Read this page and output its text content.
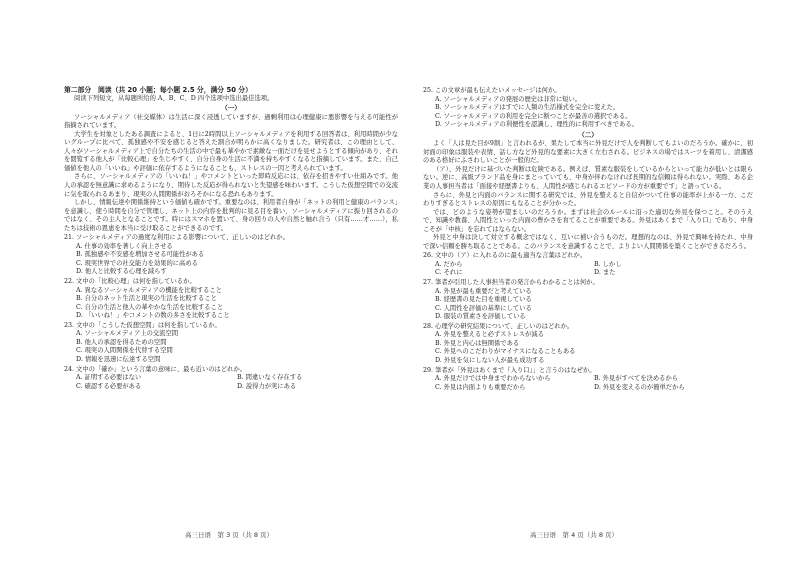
第二部分　阅读（共 20 小题；每小题 2.5 分，满分 50 分）
阅读下列短文，从每题所给的 A、B、C、D 四个选项中选出最佳选项。
（一）
ソーシャルメディア（社交媒体）は生活に深く浸透していますが、過剰利用は心理健康に悪影響を与える可能性が指摘されています。
大学生を対象としたある調査によると、1日に2時間以上ソーシャルメディアを利用する回答者は、利用時間が少ないグループに比べて、孤独感や不安を感じると答えた割合が明らかに高くなりました。研究者は、この理由として、人々がソーシャルメディア上で自分たちの生活の中で最も華やかで素敵な一面だけを見せようとする傾向があり、それを閲覧する他人が「比較心理」を生じやすく、自分自身の生活に不満を持ちやすくなると指摘しています。また、自己価値を他人の「いいね」や評価に依存するようになることも、ストレスの一因と考えられています。
さらに、ソーシャルメディアの「いいね！」やコメントといった即時反応には、依存を招きやすい仕組みです。他人の承認を無意識に求めるようになり、期待した反応が得られないと失望感を味わいます。こうした仮想空間での交流に気を取られるあまり、現実の人間関係がおろそかになる恐れもあります。
しかし、情報伝達や関係維持という価値も確かです。重要なのは、利用者自身が「ネットの利用と健康のバランス」を意識し、使う時間を自分で管理し、ネット上の内容を批判的に見る目を養い、ソーシャルメディアに振り回されるのではなく、その主人となることです。時にはスマホを置いて、身の回りの人や自然と触れ合う（只有……才……），私たちは技術の恩恵を本当に受け取ることができるのです。
21. ソーシャルメディアの過度な利用による影響について、正しいのはどれか。
A. 仕事の効率を著しく向上させる
B. 孤独感や不安感を増加させる可能性がある
C. 現実世界での社交能力を効果的に高める
D. 他人と比較する心理を減らす
22. 文中の「比較心理」は何を指しているか。
A. 異なるソーシャルメディアの機能を比較すること
B. 自分のネット生活と現実の生活を比較すること
C. 自分の生活と他人の華やかな生活を比較すること
D. 「いいね！」やコメントの数の多さを比較すること
23. 文中の「こうした仮想空間」は何を指しているか。
A. ソーシャルメディア上の交流空間
B. 他人の承認を得るための空間
C. 現実の人間関係を代替する空間
D. 情報を迅速に伝達する空間
24. 文中の「確か」という言葉の意味に、最も近いのはどれか。
A. 証明する必要はない	B. 間違いなく存在する
C. 確認する必要がある	D. 説得力が実にある
25. この文章が最も伝えたいメッセージは何か。
A. ソーシャルメディアの発展の歴史は非常に短い。
B. ソーシャルメディアはすでに人類の生活様式を完全に変えた。
C. ソーシャルメディアの利用を完全に断つことが最善の選択である。
D. ソーシャルメディアの利便性を認識し、理性的に利用すべきである。
（二）
よく「人は見た目が9割」と言われるが、果たして本当に外見だけで人を判断してもよいのだろうか。確かに、初対面の印象は服装や表情、話し方など外見的な要素に大きく左右される。ビジネスの場ではスーツを着用し、清潔感のある格好にふさわしいことが一般的だ。
（ア）、外見だけに基づいた判断は危険である。例えば、質素な服装をしているからといって能力が低いとは限らない。逆に、高級ブランド品を身にまとっていても、中身が伴わなければ長期的な信頼は得られない。実際、ある企業の人事担当者は「面接や経歴書よりも、人間性が感じられるエピソードの方が重要です」と語っている。
さらに、外見と内面のバランスに関する研究では、外見を整えると自信がついて仕事の能率が上がる一方、こだわりすぎるとストレスの原因にもなることが分かった。
では、どのような姿勢が望ましいのだろうか。まずは社会のルールに沿った適切な外見を保つこと。そのうえで、知識や教養、人間性といった内面の豊かさを育てることが重要である。外見はあくまで「入り口」であり、中身こそが「中核」を忘れてはならない。
外見と中身は決して対立する概念ではなく、互いに補い合うものだ。理想的なのは、外見で興味を持たれ、中身で深い信頼を勝ち取ることである。このバランスを意識することで、よりよい人間関係を築くことができるだろう。
26. 文中の（ア）に入れるのに最も適当な言葉はどれか。
A. だから	B. しかし
C. それに	D. また
27. 筆者が引用した人事担当者の発言からわかることは何か。
A. 外見が最も重要だと考えている
B. 経歴書の見た目を重視している
C. 人間性を評価の基準にしている
D. 服装の質素さを評価している
28. 心理学の研究結果について、正しいのはどれか。
A. 外見を整えると必ずストレスが減る
B. 外見と内心は無関係である
C. 外見へのこだわりがマイナスになることもある
D. 外見を気にしない人が最も成功する
29. 筆者が「外見はあくまで『入り口』」と言うのはなぜか。
A. 外見だけでは中身までわからないから	B. 外見がすべてを決めるから
C. 外見は内面よりも重要だから	D. 外見を変えるのが簡単だから
高三日语　第 3 页（共 8 页）	高三日语　第 4 页（共 8 页）
